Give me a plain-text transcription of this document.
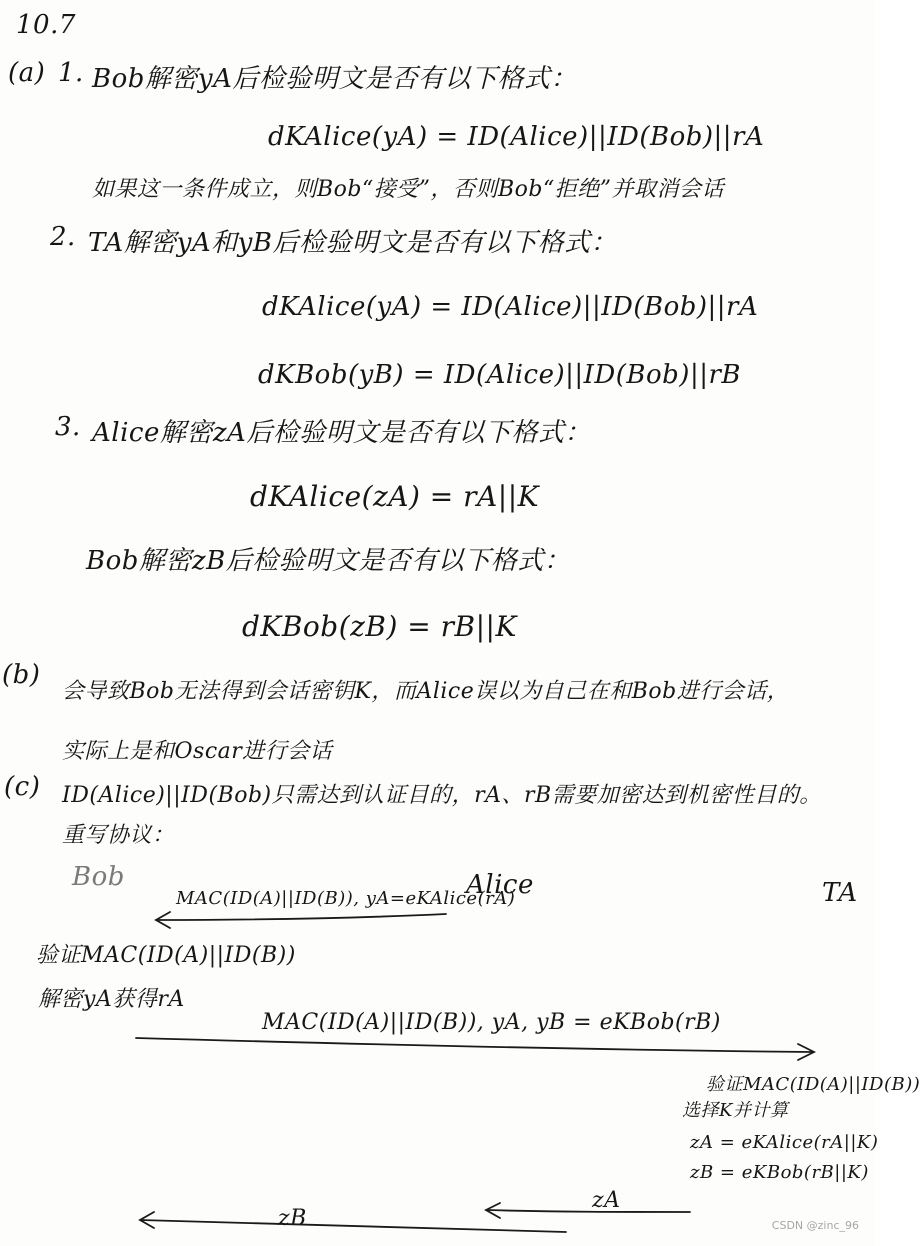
10.7
(a) 1. Bob解密yA后检验明文是否有以下格式：
dKAlice(yA) = ID(Alice)||ID(Bob)||rA
如果这一条件成立，则Bob“接受”，否则Bob“拒绝”并取消会话
2. TA解密yA和yB后检验明文是否有以下格式：
dKAlice(yA) = ID(Alice)||ID(Bob)||rA
dKBob(yB) = ID(Alice)||ID(Bob)||rB
3. Alice解密zA后检验明文是否有以下格式：
dKAlice(zA) = rA||K
Bob解密zB后检验明文是否有以下格式：
dKBob(zB) = rB||K
(b)
会导致Bob无法得到会话密钥K，而Alice误以为自己在和Bob进行会话，
实际上是和Oscar进行会话
(c) ID(Alice)||ID(Bob)只需达到认证目的，rA、rB需要加密达到机密性目的。
重写协议：
Bob	Alice	TA
MAC(ID(A)||ID(B)), yA=eKAlice(rA)
验证MAC(ID(A)||ID(B))
解密yA获得rA
MAC(ID(A)||ID(B)), yA, yB = eKBob(rB)
验证MAC(ID(A)||ID(B))
选择K并计算
zA = eKAlice(rA||K)
zB = eKBob(rB||K)
zA
zB	CSDN @zinc_96
